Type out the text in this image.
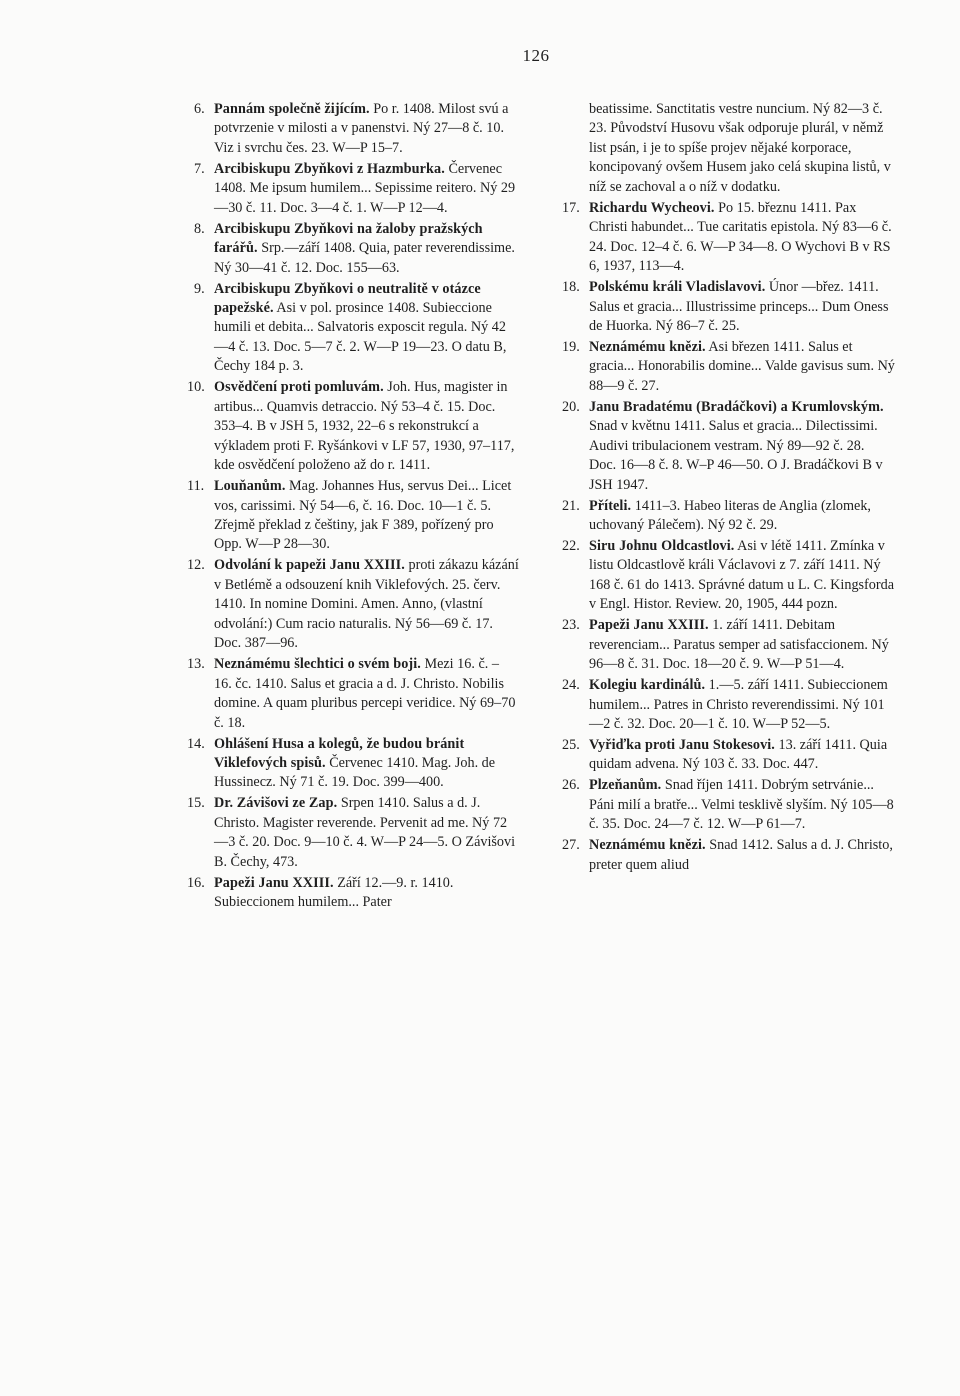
126
6. Pannám společně žijícím. Po r. 1408. Milost svú a potvrzenie v milosti a v panenstvi. Ný 27—8 č. 10. Viz i svrchu čes. 23. W—P 15–7.
7. Arcibiskupu Zbyňkovi z Hazmburka. Červenec 1408. Me ipsum humilem... Sepissime reitero. Ný 29—30 č. 11. Doc. 3—4 č. 1. W—P 12—4.
8. Arcibiskupu Zbyňkovi na žaloby pražských farářů. Srp.—září 1408. Quia, pater reverendissime. Ný 30—41 č. 12. Doc. 155—63.
9. Arcibiskupu Zbyňkovi o neutralitě v otázce papežské. Asi v pol. prosince 1408. Subieccione humili et debita... Salvatoris exposcit regula. Ný 42—4 č. 13. Doc. 5—7 č. 2. W—P 19—23. O datu B, Čechy 184 p. 3.
10. Osvědčení proti pomluvám. Joh. Hus, magister in artibus... Quamvis detraccio. Ný 53–4 č. 15. Doc. 353–4. B v JSH 5, 1932, 22–6 s rekonstrukcí a výkladem proti F. Ryšánkovi v LF 57, 1930, 97–117, kde osvědčení položeno až do r. 1411.
11. Louňanům. Mag. Johannes Hus, servus Dei... Licet vos, carissimi. Ný 54—6, č. 16. Doc. 10—1 č. 5. Zřejmě překlad z češtiny, jak F 389, pořízený pro Opp. W—P 28—30.
12. Odvolání k papeži Janu XXIII. proti zákazu kázání v Betlémě a odsouzení knih Viklefových. 25. červ. 1410. In nomine Domini. Amen. Anno, (vlastní odvolání:) Cum racio naturalis. Ný 56—69 č. 17. Doc. 387—96.
13. Neznámému šlechtici o svém boji. Mezi 16. č. – 16. čc. 1410. Salus et gracia a d. J. Christo. Nobilis domine. A quam pluribus percepi veridice. Ný 69–70 č. 18.
14. Ohlášení Husa a kolegů, že budou bránit Viklefových spisů. Červenec 1410. Mag. Joh. de Hussinecz. Ný 71 č. 19. Doc. 399—400.
15. Dr. Závišovi ze Zap. Srpen 1410. Salus a d. J. Christo. Magister reverende. Pervenit ad me. Ný 72—3 č. 20. Doc. 9—10 č. 4. W—P 24—5. O Závišovi B. Čechy, 473.
16. Papeži Janu XXIII. Září 12.—9. r. 1410. Subieccionem humilem... Pater
beatissime. Sanctitatis vestre nuncium. Ný 82—3 č. 23. Původství Husovu však odporuje plurál, v němž list psán, i je to spíše projev nějaké korporace, koncipovaný ovšem Husem jako celá skupina listů, v níž se zachoval a o níž v dodatku.
17. Richardu Wycheovi. Po 15. březnu 1411. Pax Christi habundet... Tue caritatis epistola. Ný 83—6 č. 24. Doc. 12–4 č. 6. W—P 34—8. O Wychovi B v RS 6, 1937, 113—4.
18. Polskému králi Vladislavovi. Únor —břez. 1411. Salus et gracia... Illustrissime princeps... Dum Oness de Huorka. Ný 86–7 č. 25.
19. Neznámému knězi. Asi březen 1411. Salus et gracia... Honorabilis domine... Valde gavisus sum. Ný 88—9 č. 27.
20. Janu Bradatému (Bradáčkovi) a Krumlovským. Snad v květnu 1411. Salus et gracia... Dilectissimi. Audivi tribulacionem vestram. Ný 89—92 č. 28. Doc. 16—8 č. 8. W–P 46—50. O J. Bradáčkovi B v JSH 1947.
21. Příteli. 1411–3. Habeo literas de Anglia (zlomek, uchovaný Pálečem). Ný 92 č. 29.
22. Siru Johnu Oldcastlovi. Asi v létě 1411. Zmínka v listu Oldcastlově králi Václavovi z 7. září 1411. Ný 168 č. 61 do 1413. Správné datum u L. C. Kingsforda v Engl. Histor. Review. 20, 1905, 444 pozn.
23. Papeži Janu XXIII. 1. září 1411. Debitam reverenciam... Paratus semper ad satisfaccionem. Ný 96—8 č. 31. Doc. 18—20 č. 9. W—P 51—4.
24. Kolegiu kardinálů. 1.—5. září 1411. Subieccionem humilem... Patres in Christo reverendissimi. Ný 101—2 č. 32. Doc. 20—1 č. 10. W—P 52—5.
25. Vyřiďka proti Janu Stokesovi. 13. září 1411. Quia quidam advena. Ný 103 č. 33. Doc. 447.
26. Plzeňanům. Snad říjen 1411. Dobrým setrvánie... Páni milí a bratře... Velmi tesklivě slyším. Ný 105—8 č. 35. Doc. 24—7 č. 12. W—P 61—7.
27. Neznámému knězi. Snad 1412. Salus a d. J. Christo, preter quem aliud
